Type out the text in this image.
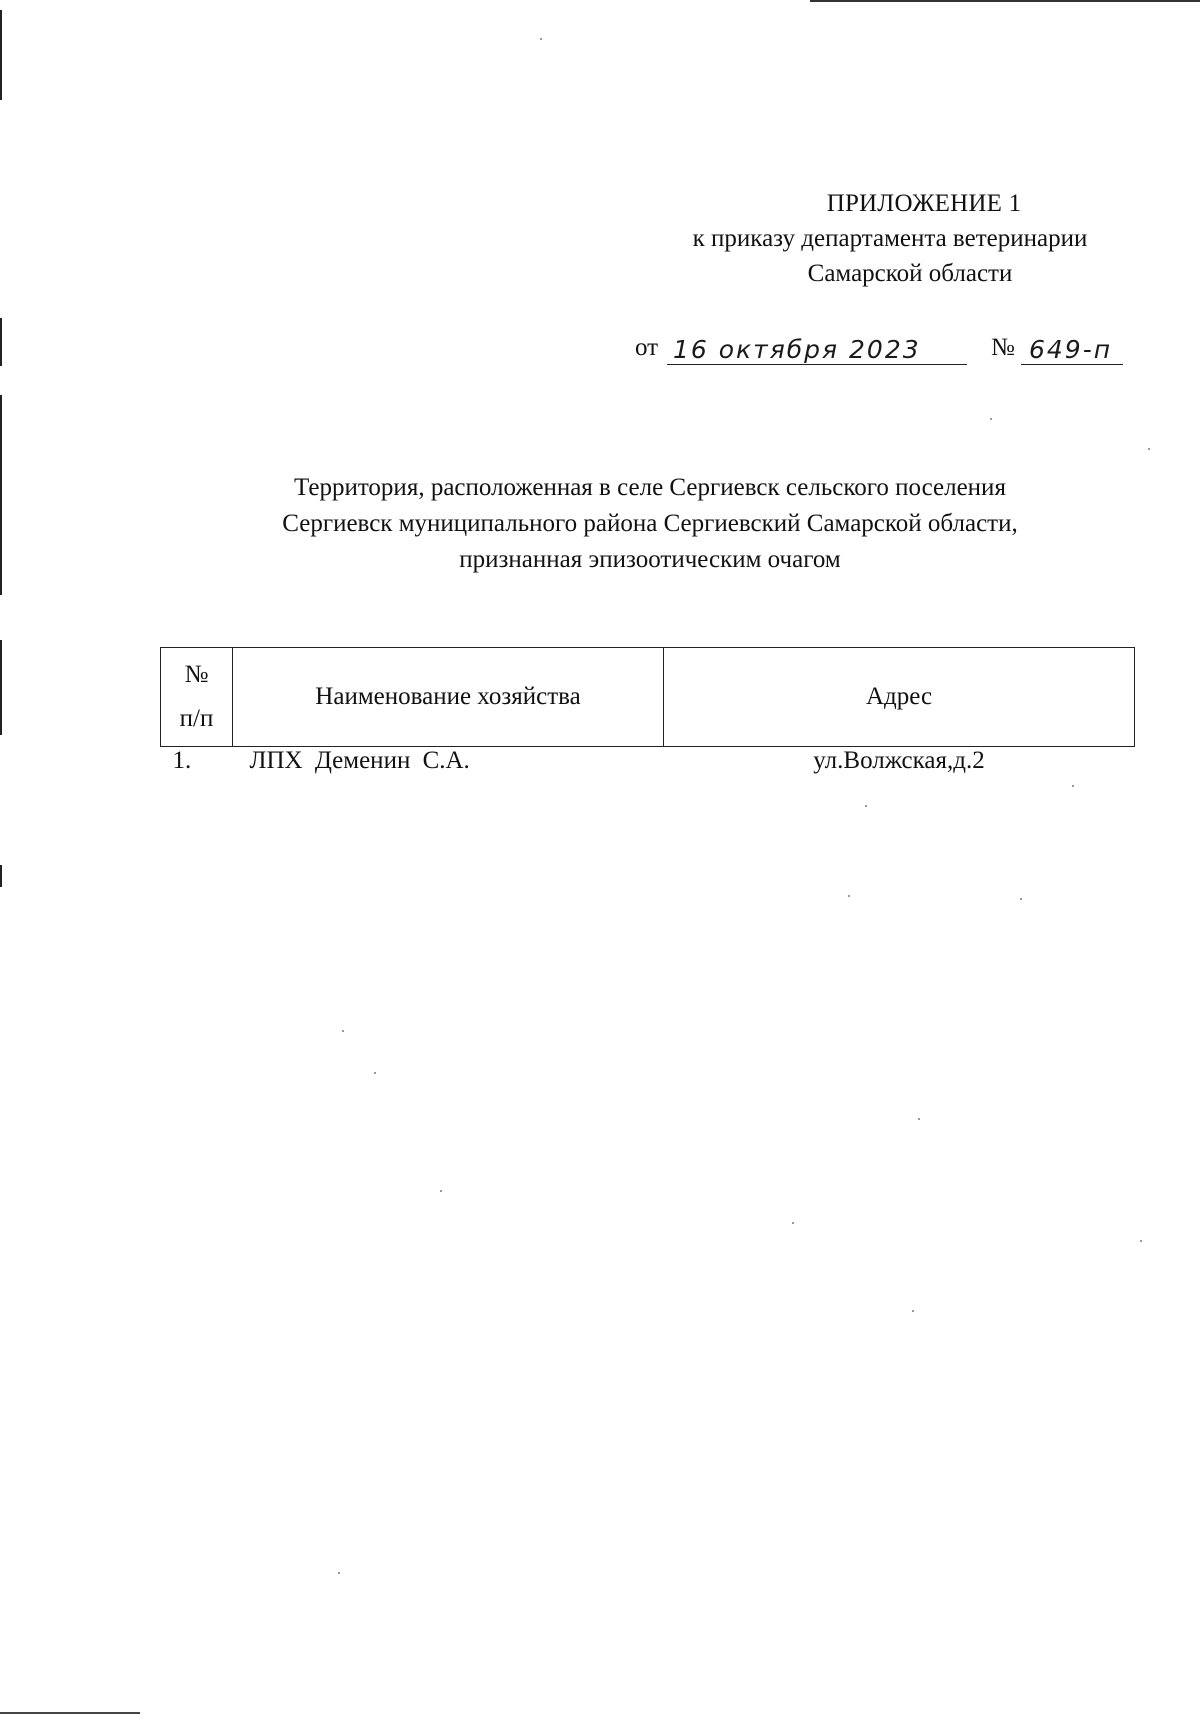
ПРИЛОЖЕНИЕ 1
к приказу департамента ветеринарии
Самарской области
от 16 октября 2023	№ 649-п
Территория, расположенная в селе Сергиевск сельского поселения
Сергиевск муниципального района Сергиевский Самарской области,
признанная эпизоотическим очагом
№
п/п	Наименование хозяйства	Адрес
1.	ЛПХ Деменин С.А.	ул.Волжская,д.2
